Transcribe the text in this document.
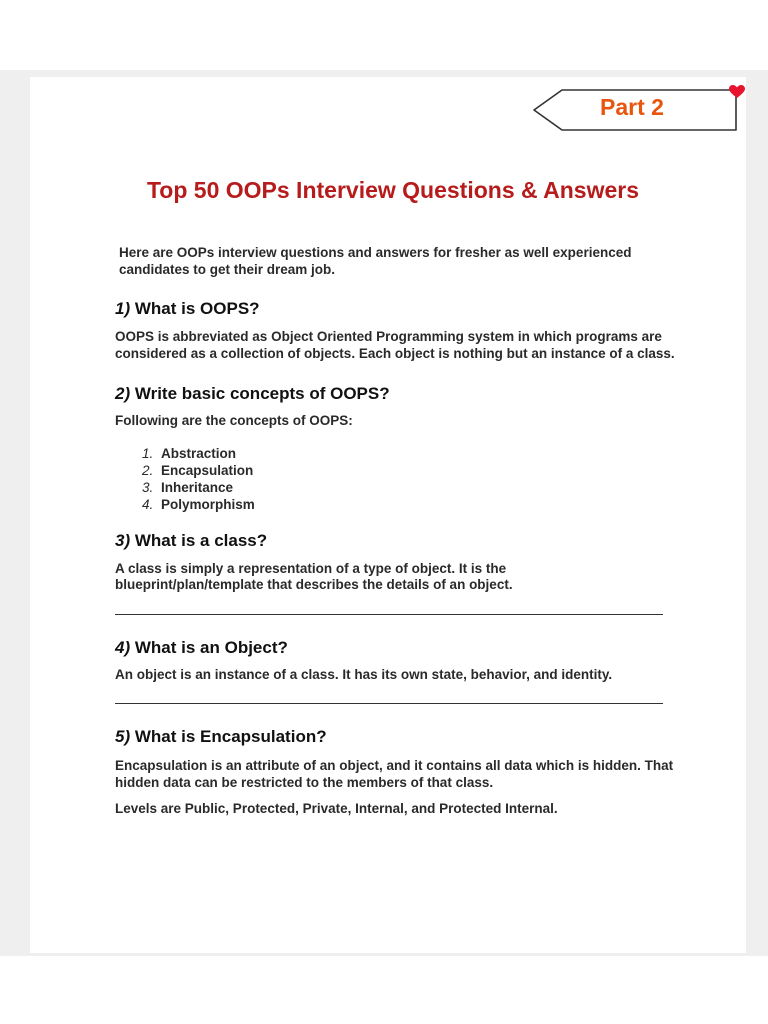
Part 2
Top 50 OOPs Interview Questions & Answers

Here are OOPs interview questions and answers for fresher as well experienced candidates to get their dream job.

1) What is OOPS?

OOPS is abbreviated as Object Oriented Programming system in which programs are considered as a collection of objects. Each object is nothing but an instance of a class.

2) Write basic concepts of OOPS?

Following are the concepts of OOPS:

1. Abstraction
2. Encapsulation
3. Inheritance
4. Polymorphism

3) What is a class?

A class is simply a representation of a type of object. It is the blueprint/plan/template that describes the details of an object.

4) What is an Object?

An object is an instance of a class. It has its own state, behavior, and identity.

5) What is Encapsulation?

Encapsulation is an attribute of an object, and it contains all data which is hidden. That hidden data can be restricted to the members of that class.

Levels are Public, Protected, Private, Internal, and Protected Internal.
